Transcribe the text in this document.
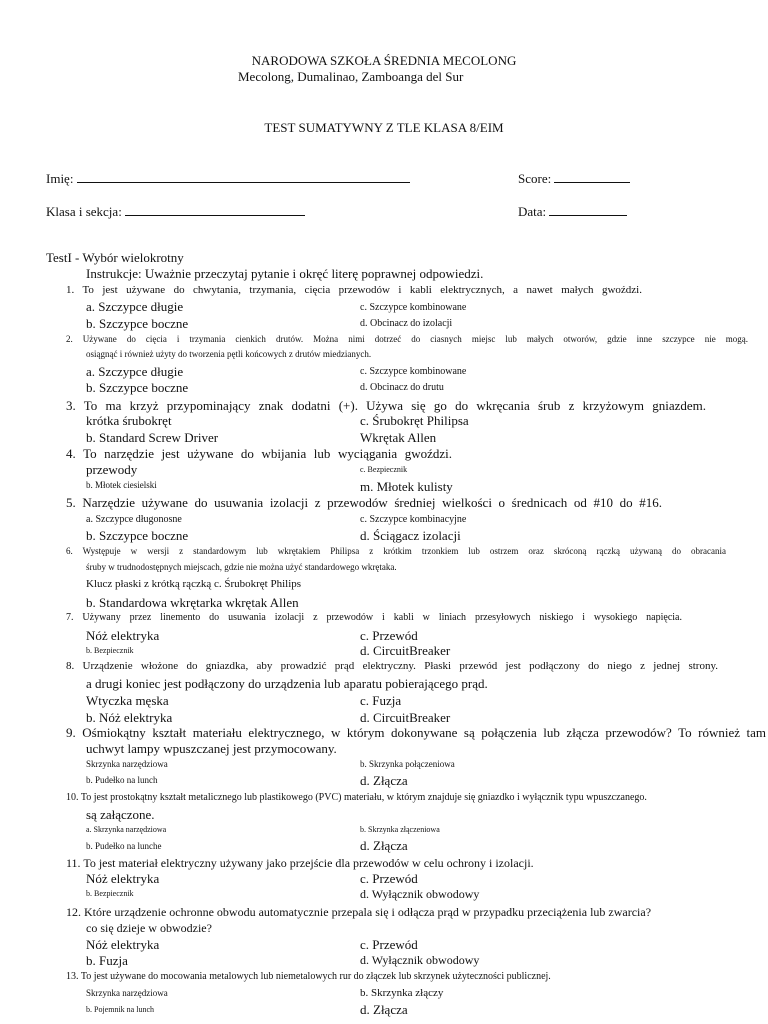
NARODOWA SZKOŁA ŚREDNIA MECOLONG
Mecolong, Dumalinao, Zamboanga del Sur
TEST SUMATYWNY Z TLE KLASA 8/EIM
Imię:	Score:
Klasa i sekcja:	Data:
TestI - Wybór wielokrotny
Instrukcje: Uważnie przeczytaj pytanie i okręć literę poprawnej odpowiedzi.
1. To jest używane do chwytania, trzymania, cięcia przewodów i kabli elektrycznych, a nawet małych gwoździ.
a. Szczypce długie	c. Szczypce kombinowane
b. Szczypce boczne	d. Obcinacz do izolacji
2. Używane do cięcia i trzymania cienkich drutów. Można nimi dotrzeć do ciasnych miejsc lub małych otworów, gdzie inne szczypce nie mogą.
osiągnąć i również użyty do tworzenia pętli końcowych z drutów miedzianych.
a. Szczypce długie	c. Szczypce kombinowane
b. Szczypce boczne	d. Obcinacz do drutu
3. To ma krzyż przypominający znak dodatni (+). Używa się go do wkręcania śrub z krzyżowym gniazdem.
krótka śrubokręt	c. Śrubokręt Philipsa
b. Standard Screw Driver	Wkrętak Allen
4. To narzędzie jest używane do wbijania lub wyciągania gwoździ.
przewody	c. Bezpiecznik
b. Młotek ciesielski	m. Młotek kulisty
5. Narzędzie używane do usuwania izolacji z przewodów średniej wielkości o średnicach od #10 do #16.
a. Szczypce długonosne	c. Szczypce kombinacyjne
b. Szczypce boczne	d. Ściągacz izolacji
6. Występuje w wersji z standardowym lub wkrętakiem Philipsa z krótkim trzonkiem lub ostrzem oraz skróconą rączką używaną do obracania
śruby w trudnodostępnych miejscach, gdzie nie można użyć standardowego wkrętaka.
Klucz płaski z krótką rączką c. Śrubokręt Philips
b. Standardowa wkrętarka wkrętak Allen
7. Używany przez linemento do usuwania izolacji z przewodów i kabli w liniach przesyłowych niskiego i wysokiego napięcia.
Nóż elektryka	c. Przewód
b. Bezpiecznik	d. CircuitBreaker
8. Urządzenie włożone do gniazdka, aby prowadzić prąd elektryczny. Płaski przewód jest podłączony do niego z jednej strony.
a drugi koniec jest podłączony do urządzenia lub aparatu pobierającego prąd.
Wtyczka męska	c. Fuzja
b. Nóż elektryka	d. CircuitBreaker
9. Ośmiokątny kształt materiału elektrycznego, w którym dokonywane są połączenia lub złącza przewodów? To również tam
uchwyt lampy wpuszczanej jest przymocowany.
Skrzynka narzędziowa	b. Skrzynka połączeniowa
b. Pudełko na lunch	d. Złącza
10. To jest prostokątny kształt metalicznego lub plastikowego (PVC) materiału, w którym znajduje się gniazdko i wyłącznik typu wpuszczanego.
są załączone.
a. Skrzynka narzędziowa	b. Skrzynka złączeniowa
b. Pudełko na lunche	d. Złącza
11. To jest materiał elektryczny używany jako przejście dla przewodów w celu ochrony i izolacji.
Nóż elektryka	c. Przewód
b. Bezpiecznik	d. Wyłącznik obwodowy
12. Które urządzenie ochronne obwodu automatycznie przepala się i odłącza prąd w przypadku przeciążenia lub zwarcia?
co się dzieje w obwodzie?
Nóż elektryka	c. Przewód
b. Fuzja	d. Wyłącznik obwodowy
13. To jest używane do mocowania metalowych lub niemetalowych rur do złączek lub skrzynek użyteczności publicznej.
Skrzynka narzędziowa	b. Skrzynka złączy
b. Pojemnik na lunch	d. Złącza
